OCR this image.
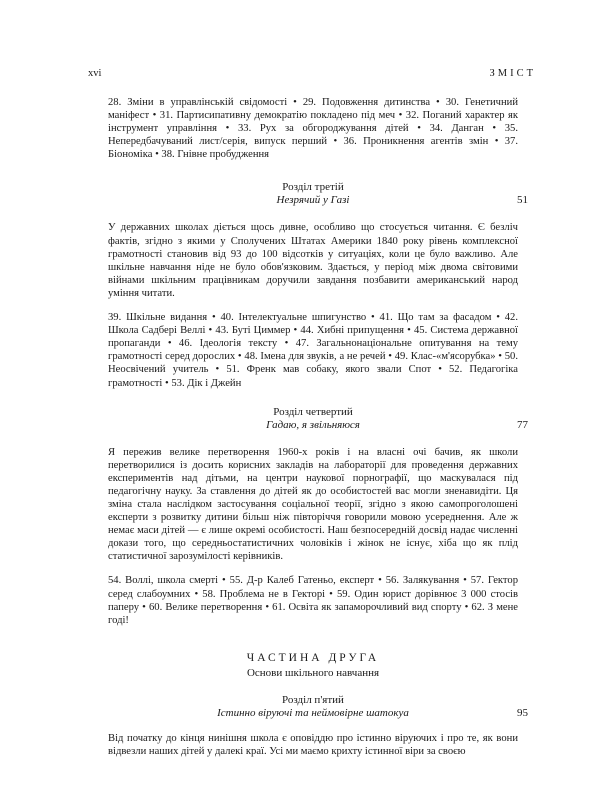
xvi	ЗМІСТ

28. Зміни в управлінській свідомості • 29. Подовження дитинства • 30. Генетичний маніфест • 31. Партисипативну демократію покладено під меч • 32. Поганий характер як інструмент управління • 33. Рух за обгороджування дітей • 34. Данган • 35. Непередбачуваний лист/серія, випуск перший • 36. Проникнення агентів змін • 37. Біономіка • 38. Гнівне пробудження

Розділ третій
Незрячий у Газі	51

У державних школах діється щось дивне, особливо що стосується читання. Є безліч фактів, згідно з якими у Сполучених Штатах Америки 1840 року рівень комплексної грамотності становив від 93 до 100 відсотків у ситуаціях, коли це було важливо. Але шкільне навчання ніде не було обов'язковим. Здається, у період між двома світовими війнами шкільним працівникам доручили завдання позбавити американський народ уміння читати.

39. Шкільне видання • 40. Інтелектуальне шпигунство • 41. Що там за фасадом • 42. Школа Садбері Веллі • 43. Буті Циммер • 44. Хибні припущення • 45. Система державної пропаганди • 46. Ідеологія тексту • 47. Загальнонаціональне опитування на тему грамотності серед дорослих • 48. Імена для звуків, а не речей • 49. Клас-«м'ясорубка» • 50. Неосвічений учитель • 51. Френк мав собаку, якого звали Спот • 52. Педагогіка грамотності • 53. Дік і Джейн

Розділ четвертий
Гадаю, я звільняюся	77

Я пережив велике перетворення 1960-х років і на власні очі бачив, як школи перетворилися із досить корисних закладів на лабораторії для проведення державних експериментів над дітьми, на центри наукової порнографії, що маскувалася під педагогічну науку. За ставлення до дітей як до особистостей вас могли зненавидіти. Ця зміна стала наслідком застосування соціальної теорії, згідно з якою самопроголошені експерти з розвитку дитини більш ніж півторіччя говорили мовою усереднення. Але ж немає маси дітей — є лише окремі особистості. Наш безпосередній досвід надає численні докази того, що середньостатистичних чоловіків і жінок не існує, хіба що як плід статистичної зарозумілості керівників.

54. Воллі, школа смерті • 55. Д-р Калеб Гатеньо, експерт • 56. Залякування • 57. Гектор серед слабоумних • 58. Проблема не в Гекторі • 59. Один юрист дорівнює 3 000 стосів паперу • 60. Велике перетворення • 61. Освіта як запаморочливий вид спорту • 62. З мене годі!

ЧАСТИНА ДРУГА
Основи шкільного навчання
Розділ п'ятий
Істинно віруючі та неймовірне шатокуа	95

Від початку до кінця нинішня школа є оповіддю про істинно віруючих і про те, як вони відвезли наших дітей у далекі краї. Усі ми маємо крихту істинної віри за своєю
